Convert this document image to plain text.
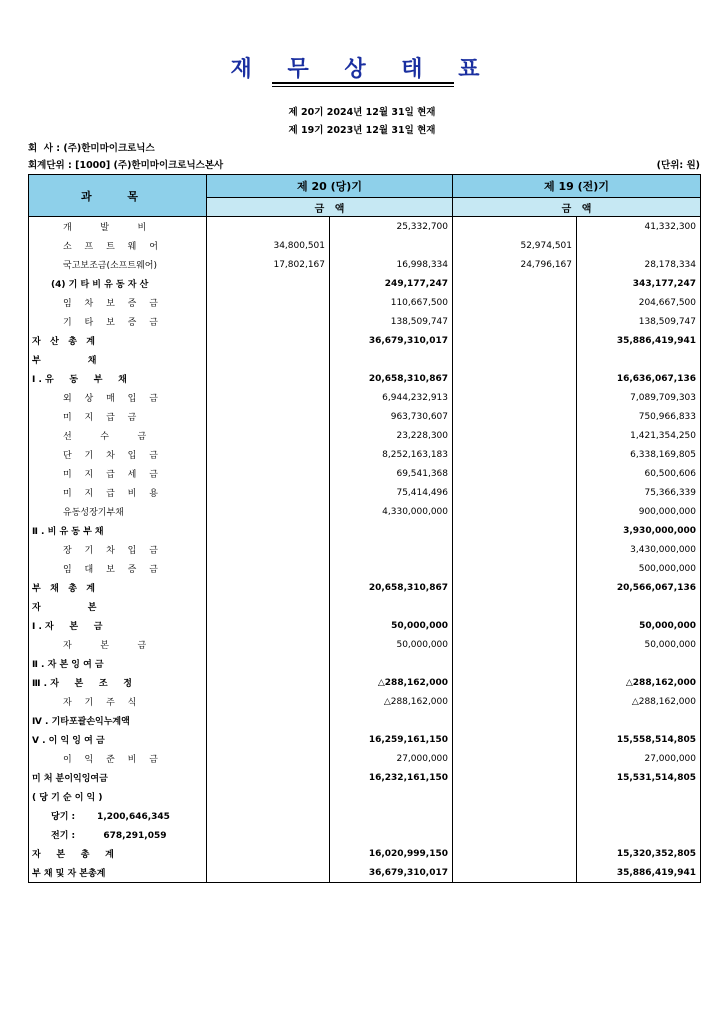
재 무 상 태 표
제 20기 2024년 12월 31일 현재
제 19기 2023년 12월 31일 현재
회  사 : (주)한미마이크로닉스
회계단위 : [1000] (주)한미마이크로닉스본사	(단위: 원)
과 목	제 20 (당)기		제 19 (전)기	
	금   액		금   액	
개   발   비		25,332,700		41,332,300
소 프 트 웨 어	34,800,501		52,974,501	
국고보조금(소프트웨어)	17,802,167	16,998,334	24,796,167	28,178,334
(4) 기 타 비 유 동 자 산		249,177,247		343,177,247
임 차 보 증 금		110,667,500		204,667,500
기 타 보 증 금		138,509,747		138,509,747
자   산   총   계		36,679,310,017		35,886,419,941
부               채				
Ⅰ . 유     동     부     채		20,658,310,867		16,636,067,136
외 상 매 입 금		6,944,232,913		7,089,709,303
미 지 급 금		963,730,607		750,966,833
선   수   금		23,228,300		1,421,354,250
단 기 차 입 금		8,252,163,183		6,338,169,805
미 지 급 세 금		69,541,368		60,500,606
미 지 급 비 용		75,414,496		75,366,339
유동성장기부채		4,330,000,000		900,000,000
Ⅱ . 비 유 동 부 채				3,930,000,000
장 기 차 입 금				3,430,000,000
임 대 보 증 금				500,000,000
부   채   총   계		20,658,310,867		20,566,067,136
자               본				
Ⅰ . 자     본     금		50,000,000		50,000,000
자   본   금		50,000,000		50,000,000
Ⅱ . 자 본 잉 여 금				
Ⅲ . 자     본     조     정		△288,162,000		△288,162,000
자 기 주 식		△288,162,000		△288,162,000
Ⅳ . 기타포괄손익누계액				
Ⅴ . 이 익 잉 여 금		16,259,161,150		15,558,514,805
이 익 준 비 금		27,000,000		27,000,000
미 처 분이익잉여금		16,232,161,150		15,531,514,805
( 당 기 순 이 익 )				
당기 :       1,200,646,345				
전기 :         678,291,059				
자     본     총     계		16,020,999,150		15,320,352,805
부 채 및 자 본총계		36,679,310,017		35,886,419,941
